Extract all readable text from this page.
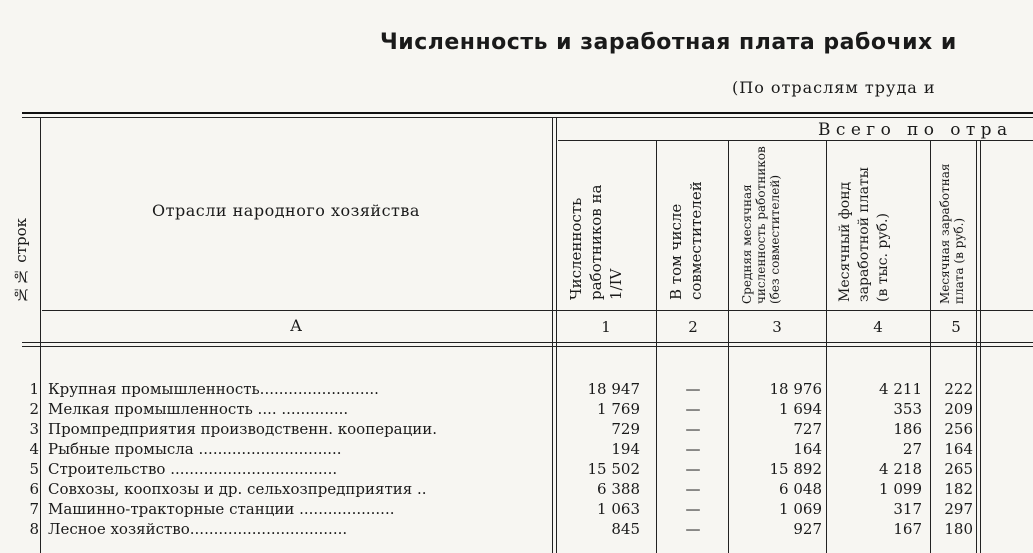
Численность и заработная плата рабочих и
(По отраслям труда и
№№ строк
Отрасли народного хозяйства
В с е г о   п о   о т р а
Численность работников на 1/IV	В том числе совместителей	Средняя месячная численность работников (без совместителей)	Месячный фонд заработной платы (в тыс. руб.)	Месячная заработная плата (в руб.)
А	1	2	3	4	5
1 Крупная промышленность.........................	18 947	—	18 976	4 211	222
2 Мелкая промышленность .... ..............	1 769	—	1 694	353	209
3 Промпредприятия производственн. кооперации.	729	—	727	186	256
4 Рыбные промысла ..............................	194	—	164	27	164
5 Строительство ...................................	15 502	—	15 892	4 218	265
6 Совхозы, коопхозы и др. сельхозпредприятия ..	6 388	—	6 048	1 099	182
7 Машинно-тракторные станции ....................	1 063	—	1 069	317	297
8 Лесное хозяйство.................................	845	—	927	167	180
